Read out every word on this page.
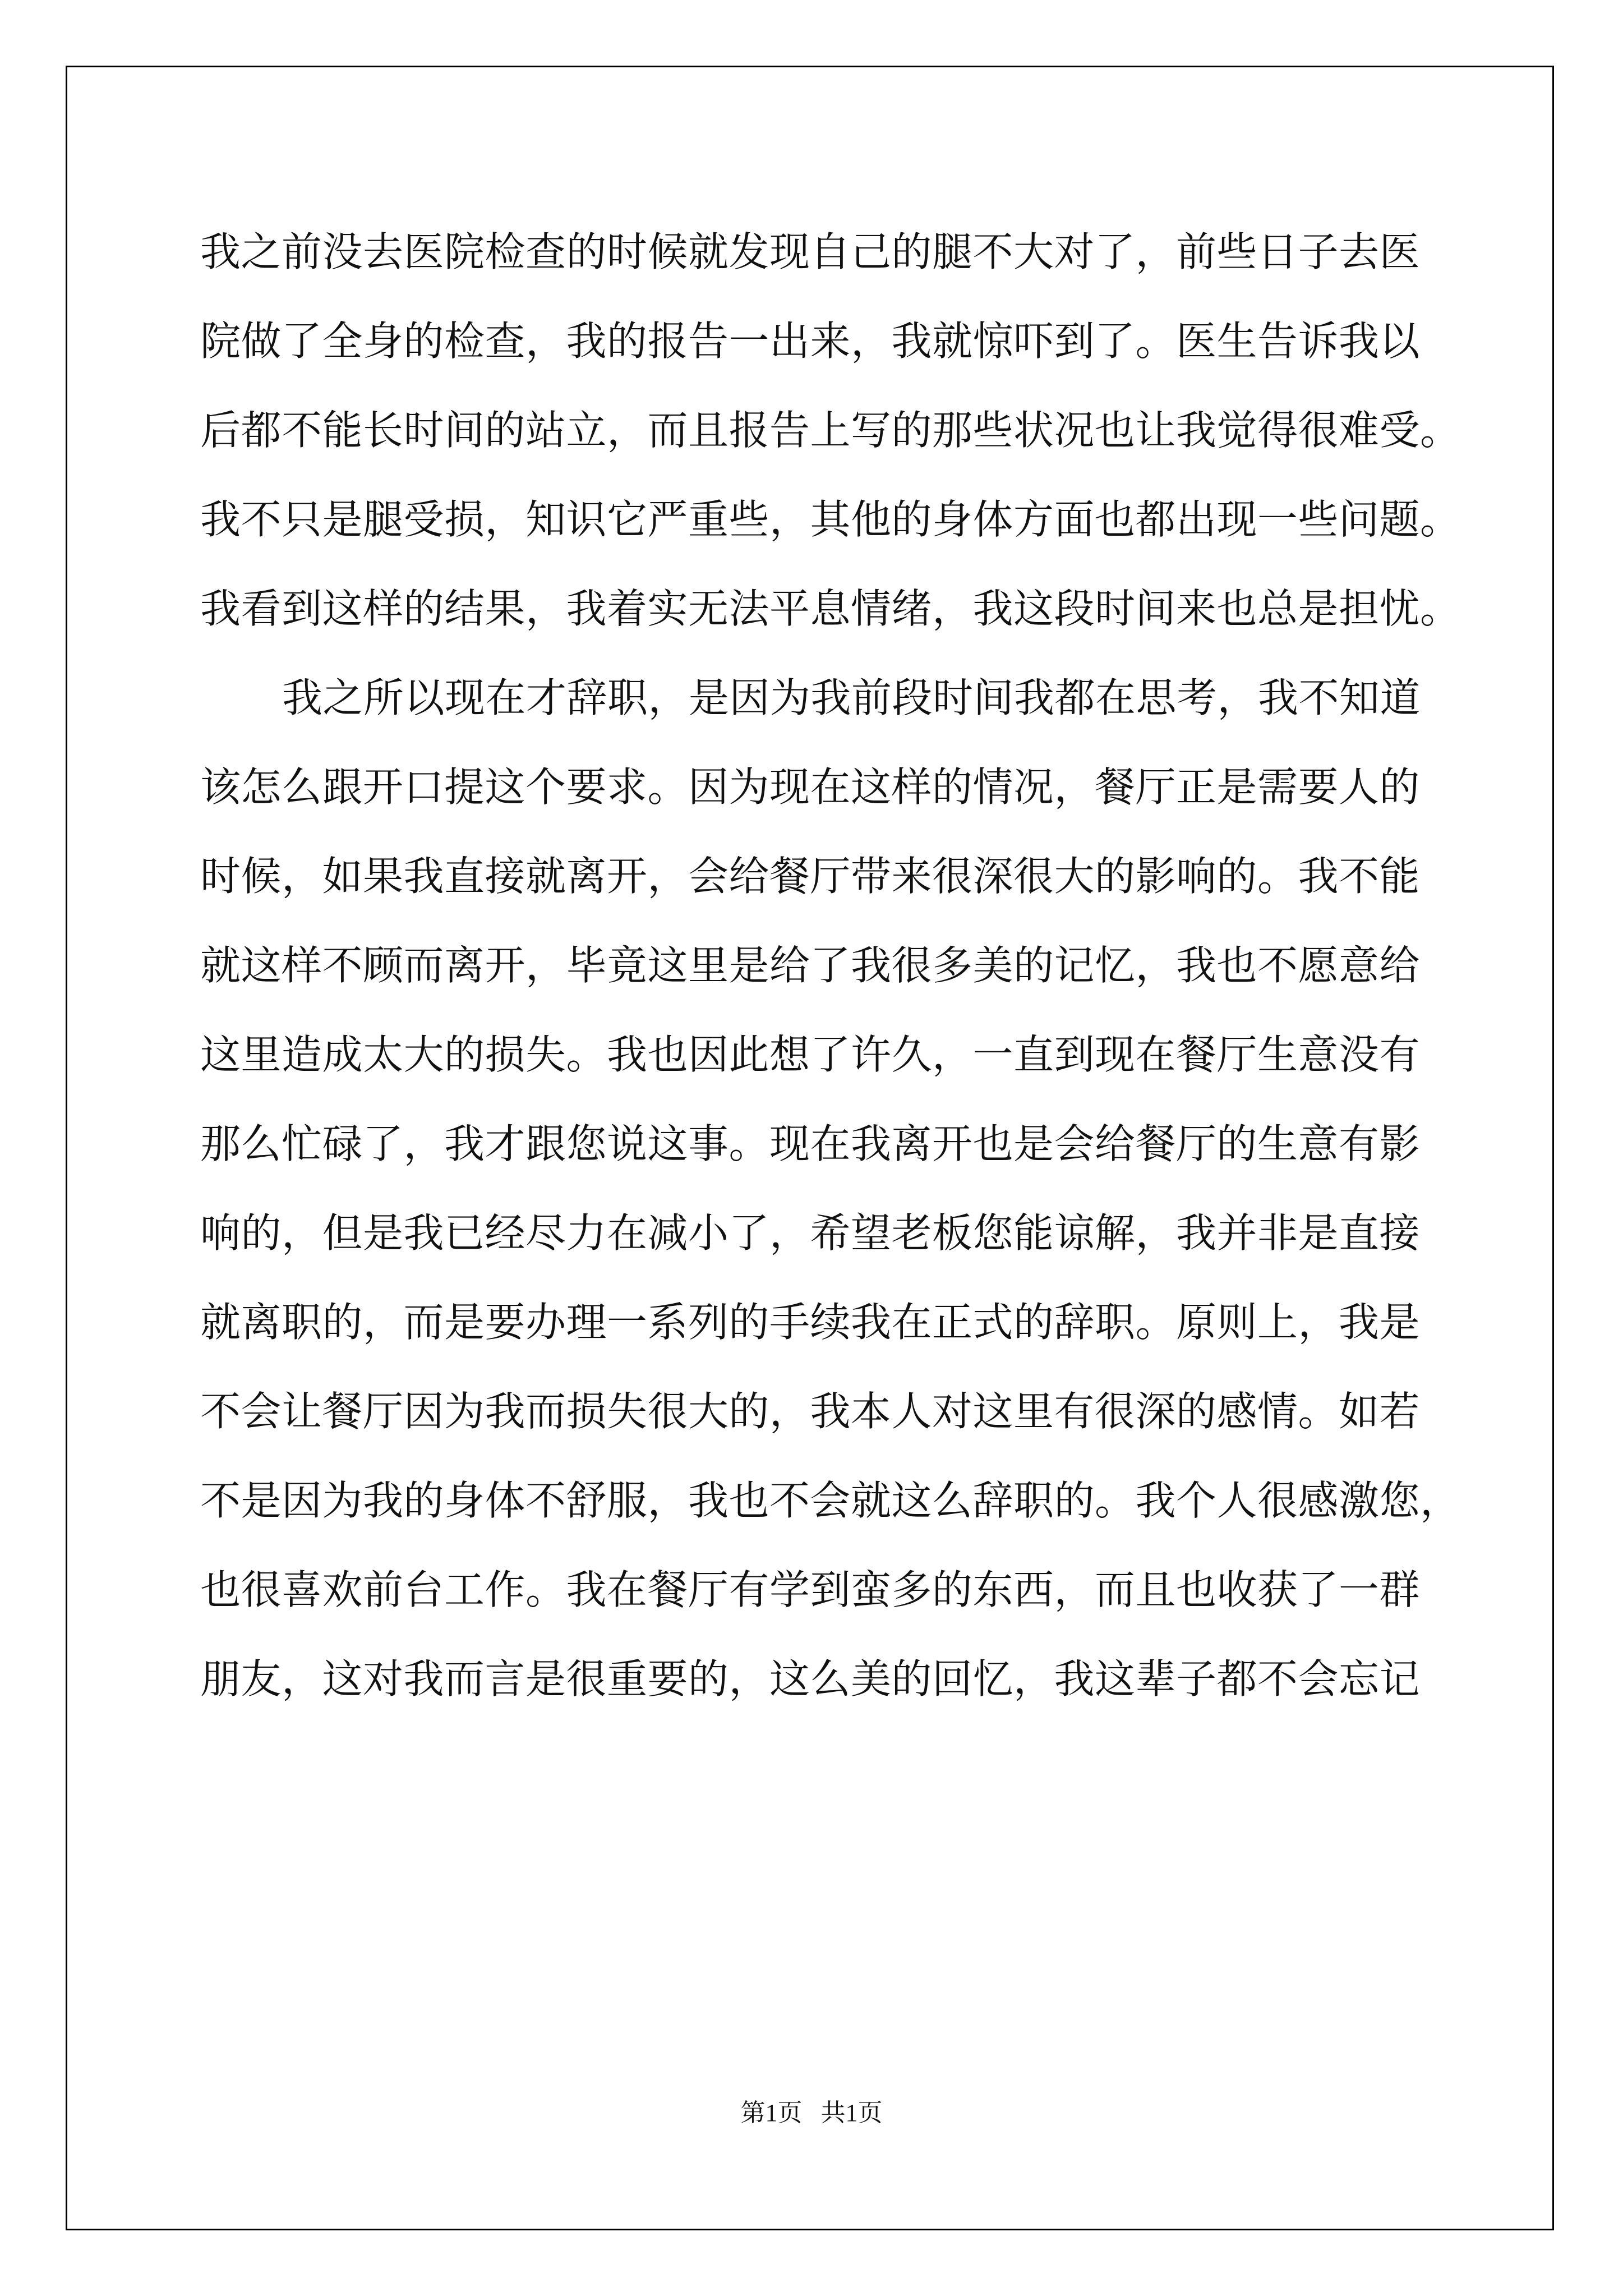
我之前没去医院检查的时候就发现自己的腿不大对了，前些日子去医
院做了全身的检查，我的报告一出来，我就惊吓到了。医生告诉我以
后都不能长时间的站立，而且报告上写的那些状况也让我觉得很难受。
我不只是腿受损，知识它严重些，其他的身体方面也都出现一些问题。
我看到这样的结果，我着实无法平息情绪，我这段时间来也总是担忧。
我之所以现在才辞职，是因为我前段时间我都在思考，我不知道
该怎么跟开口提这个要求。因为现在这样的情况，餐厅正是需要人的
时候，如果我直接就离开，会给餐厅带来很深很大的影响的。我不能
就这样不顾而离开，毕竟这里是给了我很多美的记忆，我也不愿意给
这里造成太大的损失。我也因此想了许久，一直到现在餐厅生意没有
那么忙碌了，我才跟您说这事。现在我离开也是会给餐厅的生意有影
响的，但是我已经尽力在减小了，希望老板您能谅解，我并非是直接
就离职的，而是要办理一系列的手续我在正式的辞职。原则上，我是
不会让餐厅因为我而损失很大的，我本人对这里有很深的感情。如若
不是因为我的身体不舒服，我也不会就这么辞职的。我个人很感激您，
也很喜欢前台工作。我在餐厅有学到蛮多的东西，而且也收获了一群
朋友，这对我而言是很重要的，这么美的回忆，我这辈子都不会忘记
第1页   共1页
